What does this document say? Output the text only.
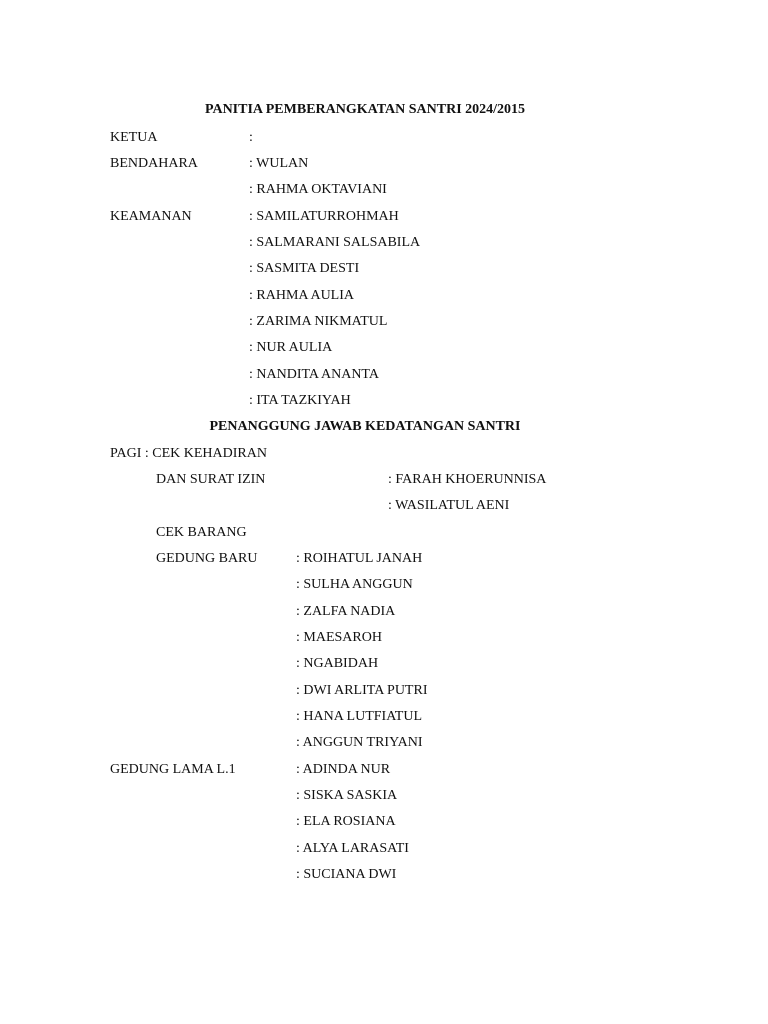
PANITIA PEMBERANGKATAN SANTRI 2024/2015
KETUA	:
BENDAHARA	: WULAN
: RAHMA OKTAVIANI
KEAMANAN	: SAMILATURROHMAH
: SALMARANI SALSABILA
: SASMITA DESTI
: RAHMA AULIA
: ZARIMA NIKMATUL
: NUR AULIA
: NANDITA ANANTA
: ITA TAZKIYAH
PENANGGUNG JAWAB KEDATANGAN SANTRI
PAGI : CEK KEHADIRAN
DAN SURAT IZIN	: FARAH KHOERUNNISA
: WASILATUL AENI
CEK BARANG
GEDUNG BARU	: ROIHATUL JANAH
: SULHA ANGGUN
: ZALFA NADIA
: MAESAROH
: NGABIDAH
: DWI ARLITA PUTRI
: HANA LUTFIATUL
: ANGGUN TRIYANI
GEDUNG LAMA L.1	: ADINDA NUR
: SISKA SASKIA
: ELA ROSIANA
: ALYA LARASATI
: SUCIANA DWI
